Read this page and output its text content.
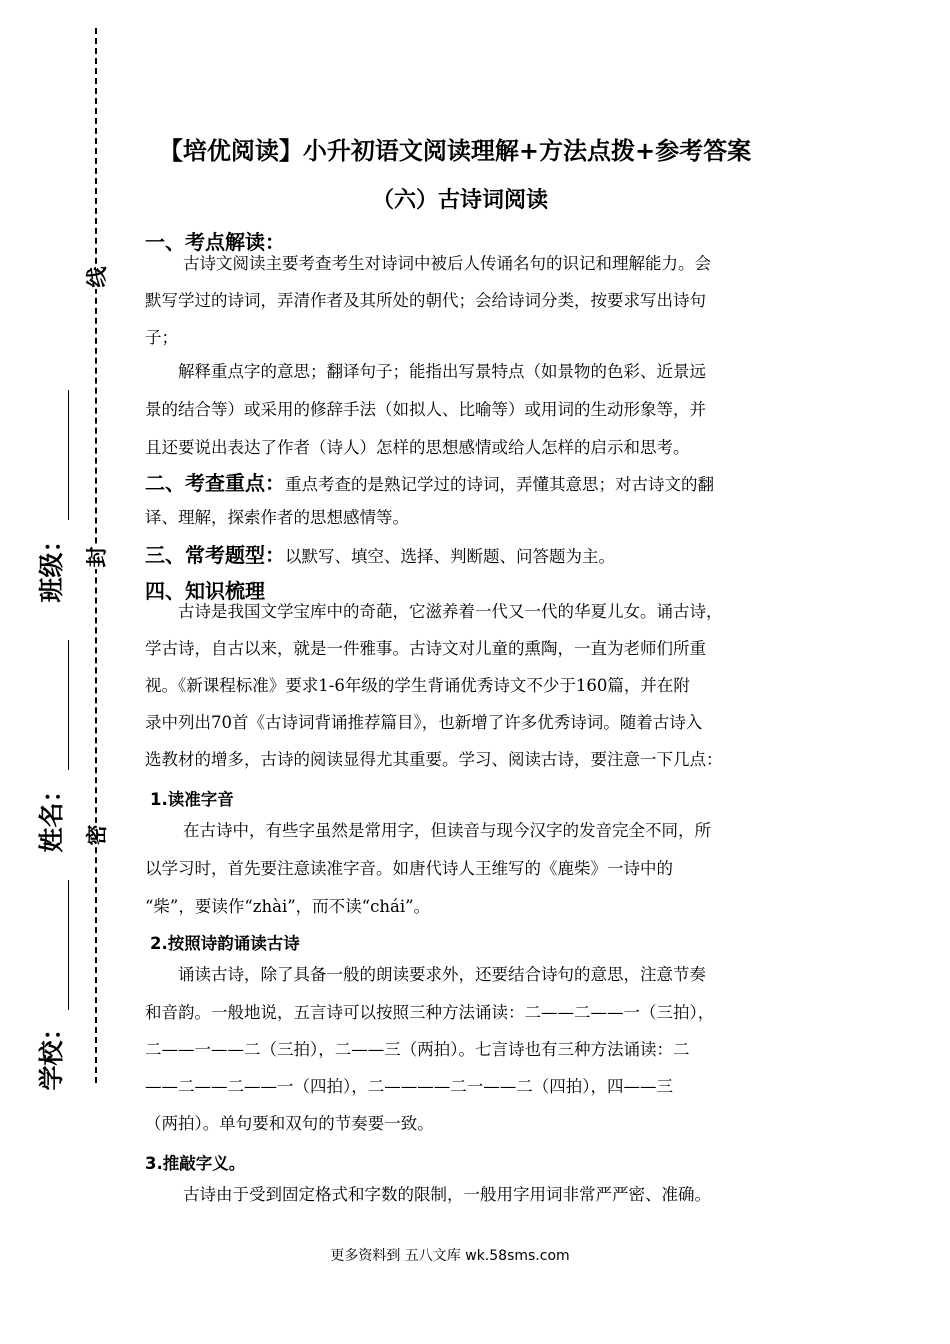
线
封
密
班级：
姓名：
学校：
【培优阅读】小升初语文阅读理解+方法点拨+参考答案
（六）古诗词阅读
一、考点解读：
古诗文阅读主要考查考生对诗词中被后人传诵名句的识记和理解能力。会
默写学过的诗词，弄清作者及其所处的朝代；会给诗词分类，按要求写出诗句
子；
解释重点字的意思；翻译句子；能指出写景特点（如景物的色彩、近景远
景的结合等）或采用的修辞手法（如拟人、比喻等）或用词的生动形象等，并
且还要说出表达了作者（诗人）怎样的思想感情或给人怎样的启示和思考。
二、考查重点：重点考查的是熟记学过的诗词，弄懂其意思；对古诗文的翻
译、理解，探索作者的思想感情等。
三、常考题型：以默写、填空、选择、判断题、问答题为主。
四、知识梳理
古诗是我国文学宝库中的奇葩，它滋养着一代又一代的华夏儿女。诵古诗，
学古诗，自古以来，就是一件雅事。古诗文对儿童的熏陶，一直为老师们所重
视。《新课程标准》要求1-6年级的学生背诵优秀诗文不少于160篇，并在附
录中列出70首《古诗词背诵推荐篇目》，也新增了许多优秀诗词。随着古诗入
选教材的增多，古诗的阅读显得尤其重要。学习、阅读古诗，要注意一下几点：
1.读准字音
在古诗中，有些字虽然是常用字，但读音与现今汉字的发音完全不同，所
以学习时，首先要注意读准字音。如唐代诗人王维写的《鹿柴》一诗中的
“柴”，要读作“zhài”，而不读“chái”。
2.按照诗韵诵读古诗
诵读古诗，除了具备一般的朗读要求外，还要结合诗句的意思，注意节奏
和音韵。一般地说，五言诗可以按照三种方法诵读：二——二——一（三拍），
二——一——二（三拍），二——三（两拍）。七言诗也有三种方法诵读：二
——二——二——一（四拍），二————二一——二（四拍），四——三
（两拍）。单句要和双句的节奏要一致。
3.推敲字义。
古诗由于受到固定格式和字数的限制，一般用字用词非常严严密、准确。
更多资料到 五八文库 wk.58sms.com
